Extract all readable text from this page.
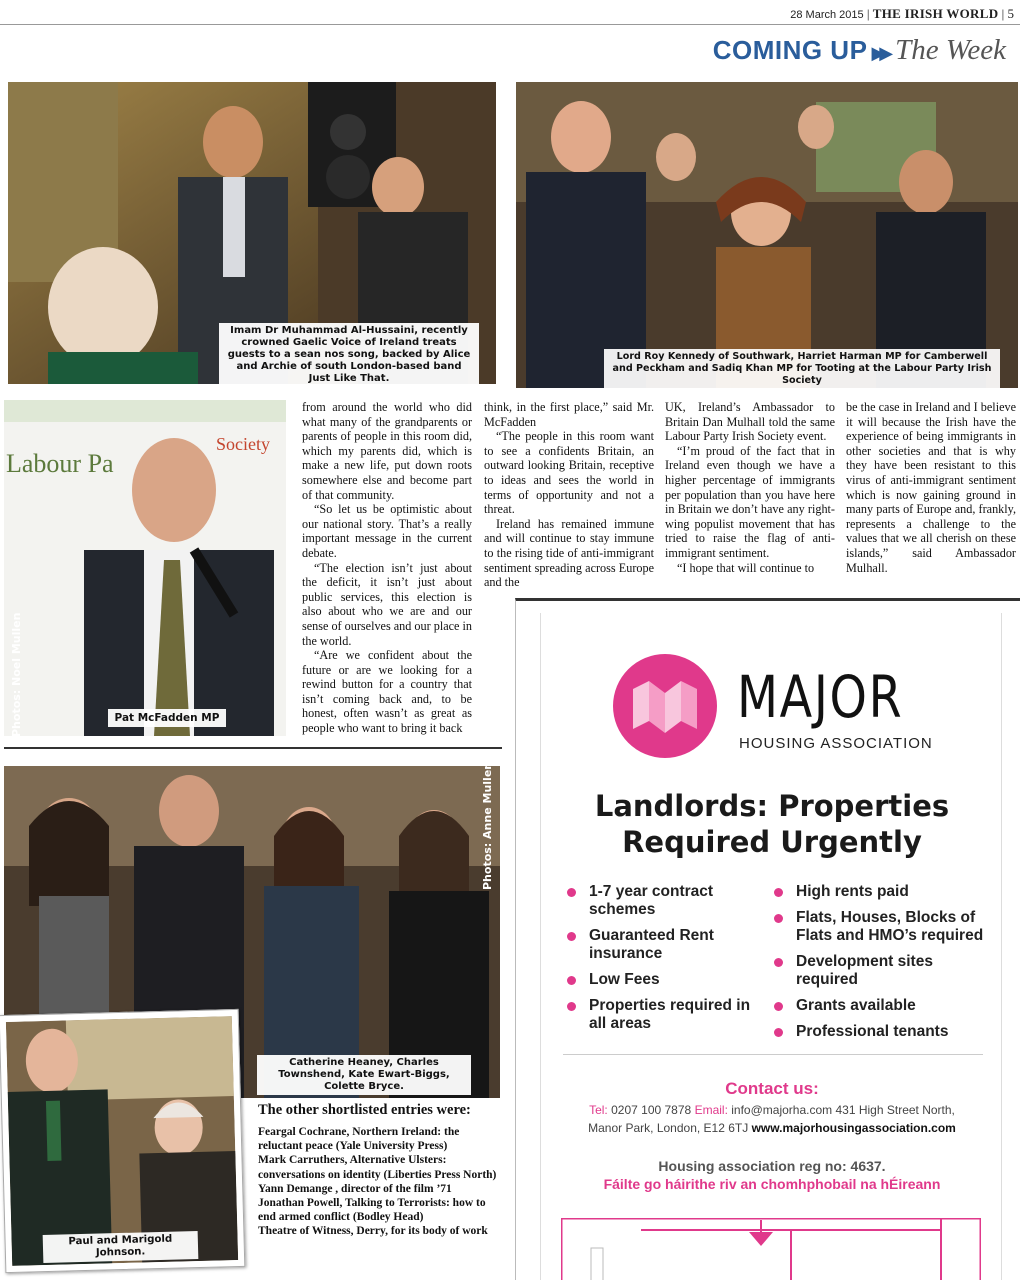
28 March 2015 | THE IRISH WORLD | 5
COMING UP ▶▶ The Week
Imam Dr Muhammad Al-Hussaini, recently crowned Gaelic Voice of Ireland treats guests to a sean nos song, backed by Alice and Archie of south London-based band Just Like That.
Lord Roy Kennedy of Southwark, Harriet Harman MP for Camberwell and Peckham and Sadiq Khan MP for Tooting at the Labour Party Irish Society
Labour Pa
Society
Photos: Noel Mullen	Pat McFadden MP

from around the world who did what many of the grandparents or parents of people in this room did, which my parents did, which is make a new life, put down roots somewhere else and become part of that community.

“So let us be optimistic about our national story. That’s a really important message in the current debate.

“The election isn’t just about the deficit, it isn’t just about public services, this election is also about who we are and our sense of ourselves and our place in the world.

“Are we confident about the future or are we looking for a rewind button for a country that isn’t coming back and, to be honest, often wasn’t as great as people who want to bring it back

think, in the first place,” said Mr. McFadden

“The people in this room want to see a confidents Britain, an outward looking Britain, receptive to ideas and sees the world in terms of opportunity and not a threat.

Ireland has remained immune and will continue to stay immune to the rising tide of anti-immigrant sentiment spreading across Europe and the

UK, Ireland’s Ambassador to Britain Dan Mulhall told the same Labour Party Irish Society event.

“I’m proud of the fact that in Ireland even though we have a higher percentage of immigrants per population than you have here in Britain we don’t have any right-wing populist movement that has tried to raise the flag of anti-immigrant sentiment.

“I hope that will continue to

be the case in Ireland and I believe it will because the Irish have the experience of being immigrants in other societies and that is why they have been resistant to this virus of anti-immigrant sentiment which is now gaining ground in many parts of Europe and, frankly, represents a challenge to the values that we all cherish on these islands,” said Ambassador Mulhall.

Photos: Anne Mullen
Catherine Heaney, Charles Townshend, Kate Ewart-Biggs, Colette Bryce.
Paul and Marigold Johnson.
The other shortlisted entries were:
Feargal Cochrane, Northern Ireland: the reluctant peace (Yale University Press)
Mark Carruthers, Alternative Ulsters: conversations on identity (Liberties Press North)
Yann Demange , director of the film ’71
Jonathan Powell, Talking to Terrorists: how to end armed conflict (Bodley Head)
Theatre of Witness, Derry, for its body of work
MAJOR
HOUSING ASSOCIATION
Landlords: Properties
Required Urgently
1-7 year contract schemes
Guaranteed Rent insurance
Low Fees
Properties required in all areas
High rents paid
Flats, Houses, Blocks of Flats and HMO’s required
Development sites required
Grants available
Professional tenants
Contact us:
Tel: 0207 100 7878 Email: info@majorha.com 431 High Street North,
Manor Park, London, E12 6TJ www.majorhousingassociation.com
Housing association reg no: 4637.
Fáilte go háirithe riv an chomhphobail na hÉireann
